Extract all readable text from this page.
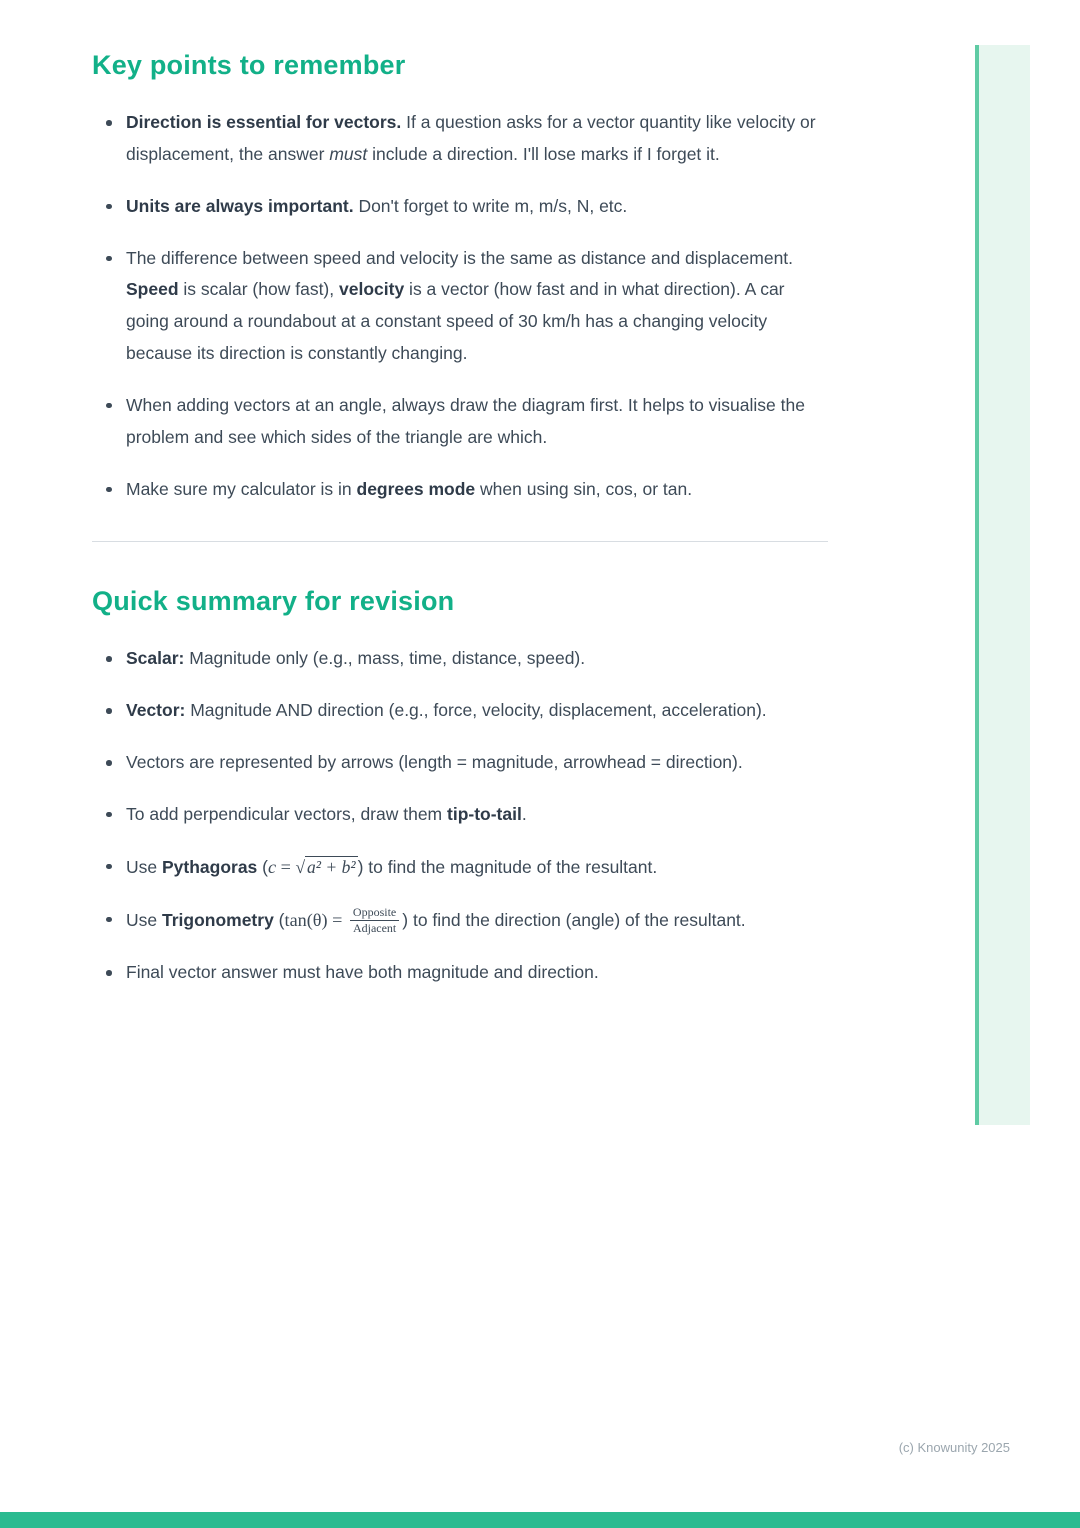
Key points to remember
Direction is essential for vectors. If a question asks for a vector quantity like velocity or displacement, the answer must include a direction. I'll lose marks if I forget it.
Units are always important. Don't forget to write m, m/s, N, etc.
The difference between speed and velocity is the same as distance and displacement. Speed is scalar (how fast), velocity is a vector (how fast and in what direction). A car going around a roundabout at a constant speed of 30 km/h has a changing velocity because its direction is constantly changing.
When adding vectors at an angle, always draw the diagram first. It helps to visualise the problem and see which sides of the triangle are which.
Make sure my calculator is in degrees mode when using sin, cos, or tan.
Quick summary for revision
Scalar: Magnitude only (e.g., mass, time, distance, speed).
Vector: Magnitude AND direction (e.g., force, velocity, displacement, acceleration).
Vectors are represented by arrows (length = magnitude, arrowhead = direction).
To add perpendicular vectors, draw them tip-to-tail.
Use Pythagoras (c = √ a² + b² ) to find the magnitude of the resultant.
Use Trigonometry ($\tan(\theta) = \frac{\text{Opposite}}{\text{Adjacent}}$ ) to find the direction (angle) of the resultant.
Final vector answer must have both magnitude and direction.
(c) Knowunity 2025
